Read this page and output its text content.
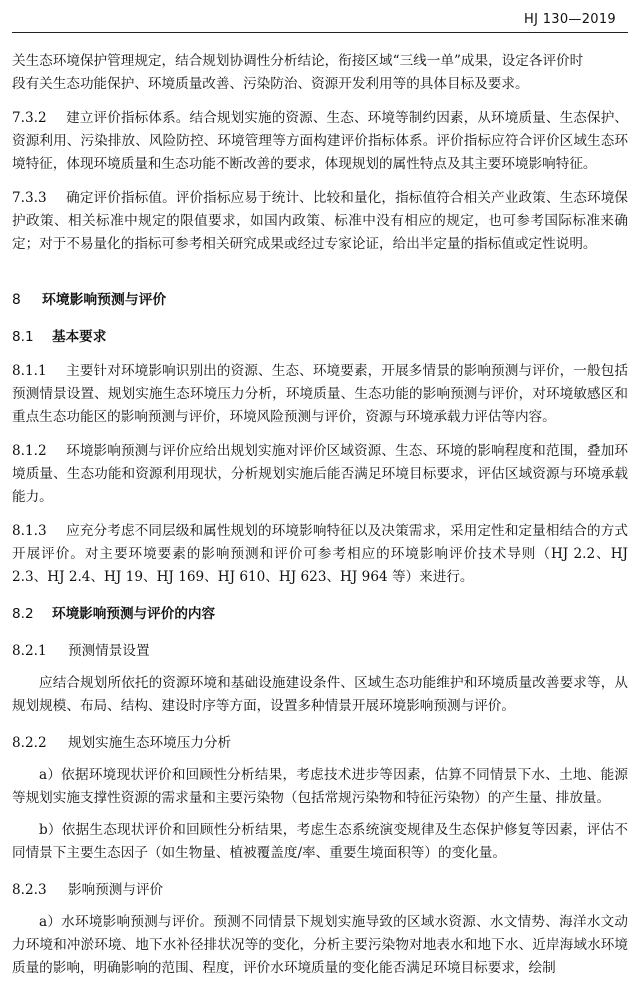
HJ 130—2019

关生态环境保护管理规定，结合规划协调性分析结论，衔接区域“三线一单”成果，设定各评价时
段有关生态功能保护、环境质量改善、污染防治、资源开发利用等的具体目标及要求。

7.3.2 建立评价指标体系。结合规划实施的资源、生态、环境等制约因素，从环境质量、生态保护、资源利用、污染排放、风险防控、环境管理等方面构建评价指标体系。评价指标应符合评价区域生态环境特征，体现环境质量和生态功能不断改善的要求，体现规划的属性特点及其主要环境影响特征。

7.3.3 确定评价指标值。评价指标应易于统计、比较和量化，指标值符合相关产业政策、生态环境保护政策、相关标准中规定的限值要求，如国内政策、标准中没有相应的规定，也可参考国际标准来确定；对于不易量化的指标可参考相关研究成果或经过专家论证，给出半定量的指标值或定性说明。

8 环境影响预测与评价
8.1 基本要求

8.1.1 主要针对环境影响识别出的资源、生态、环境要素，开展多情景的影响预测与评价，一般包括预测情景设置、规划实施生态环境压力分析，环境质量、生态功能的影响预测与评价，对环境敏感区和重点生态功能区的影响预测与评价，环境风险预测与评价，资源与环境承载力评估等内容。

8.1.2 环境影响预测与评价应给出规划实施对评价区域资源、生态、环境的影响程度和范围，叠加环境质量、生态功能和资源利用现状，分析规划实施后能否满足环境目标要求，评估区域资源与环境承载能力。

8.1.3 应充分考虑不同层级和属性规划的环境影响特征以及决策需求，采用定性和定量相结合的方式开展评价。对主要环境要素的影响预测和评价可参考相应的环境影响评价技术导则（HJ 2.2、HJ 2.3、HJ 2.4、HJ 19、HJ 169、HJ 610、HJ 623、HJ 964 等）来进行。

8.2 环境影响预测与评价的内容
8.2.1 预测情景设置

应结合规划所依托的资源环境和基础设施建设条件、区域生态功能维护和环境质量改善要求等，从规划规模、布局、结构、建设时序等方面，设置多种情景开展环境影响预测与评价。

8.2.2 规划实施生态环境压力分析

a）依据环境现状评价和回顾性分析结果，考虑技术进步等因素，估算不同情景下水、土地、能源等规划实施支撑性资源的需求量和主要污染物（包括常规污染物和特征污染物）的产生量、排放量。

b）依据生态现状评价和回顾性分析结果，考虑生态系统演变规律及生态保护修复等因素，评估不同情景下主要生态因子（如生物量、植被覆盖度/率、重要生境面积等）的变化量。

8.2.3 影响预测与评价

a）水环境影响预测与评价。预测不同情景下规划实施导致的区域水资源、水文情势、海洋水文动力环境和冲淤环境、地下水补径排状况等的变化，分析主要污染物对地表水和地下水、近岸海域水环境质量的影响，明确影响的范围、程度，评价水环境质量的变化能否满足环境目标要求，绘制
